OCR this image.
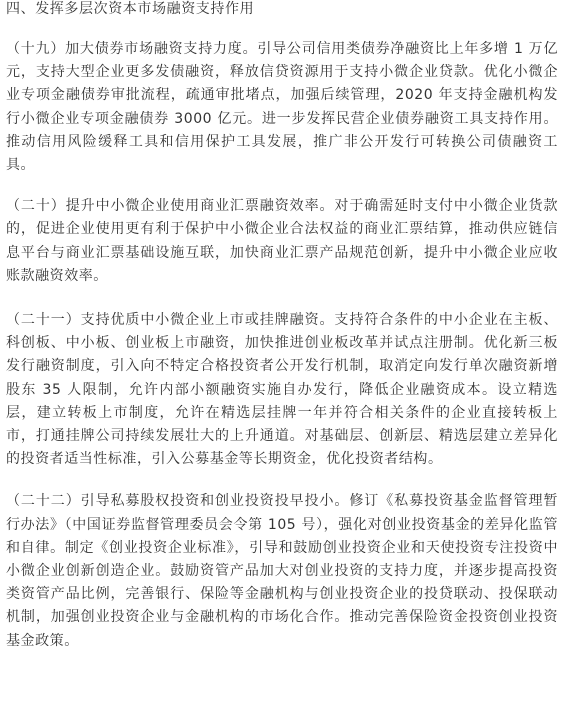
四、发挥多层次资本市场融资支持作用

（十九）加大债券市场融资支持力度。引导公司信用类债券净融资比上年多增 1 万亿元，支持大型企业更多发债融资，释放信贷资源用于支持小微企业贷款。优化小微企业专项金融债券审批流程，疏通审批堵点，加强后续管理，2020 年支持金融机构发行小微企业专项金融债券 3000 亿元。进一步发挥民营企业债券融资工具支持作用。推动信用风险缓释工具和信用保护工具发展，推广非公开发行可转换公司债融资工具。

（二十）提升中小微企业使用商业汇票融资效率。对于确需延时支付中小微企业货款的，促进企业使用更有利于保护中小微企业合法权益的商业汇票结算，推动供应链信息平台与商业汇票基础设施互联，加快商业汇票产品规范创新，提升中小微企业应收账款融资效率。

（二十一）支持优质中小微企业上市或挂牌融资。支持符合条件的中小企业在主板、科创板、中小板、创业板上市融资，加快推进创业板改革并试点注册制。优化新三板发行融资制度，引入向不特定合格投资者公开发行机制，取消定向发行单次融资新增股东 35 人限制，允许内部小额融资实施自办发行，降低企业融资成本。设立精选层，建立转板上市制度，允许在精选层挂牌一年并符合相关条件的企业直接转板上市，打通挂牌公司持续发展壮大的上升通道。对基础层、创新层、精选层建立差异化的投资者适当性标准，引入公募基金等长期资金，优化投资者结构。

（二十二）引导私募股权投资和创业投资投早投小。修订《私募投资基金监督管理暂行办法》（中国证券监督管理委员会令第 105 号），强化对创业投资基金的差异化监管和自律。制定《创业投资企业标准》，引导和鼓励创业投资企业和天使投资专注投资中小微企业创新创造企业。鼓励资管产品加大对创业投资的支持力度，并逐步提高投资类资管产品比例，完善银行、保险等金融机构与创业投资企业的投贷联动、投保联动机制，加强创业投资企业与金融机构的市场化合作。推动完善保险资金投资创业投资基金政策。
